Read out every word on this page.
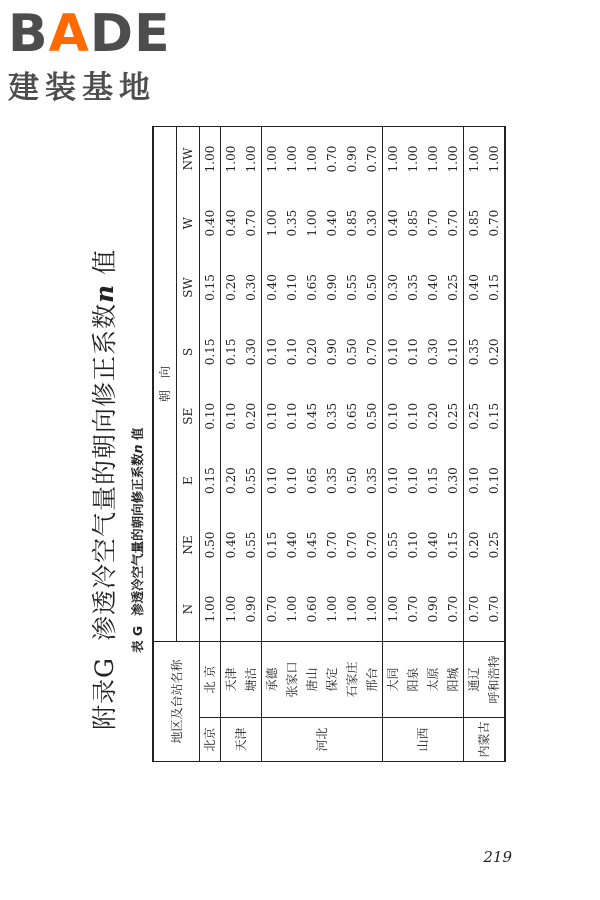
BADE
建装基地
附录G渗透冷空气量的朝向修正系数n 值
表 G渗透冷空气量的朝向修正系数n 值
地区及台站名称		朝　向							
		N	NE	E	SE	S	SW	W	NW
北京	北 京	1.00	0.50	0.15	0.10	0.15	0.15	0.40	1.00
天津	天津	1.00	0.40	0.20	0.10	0.15	0.20	0.40	1.00
	塘沽	0.90	0.55	0.55	0.20	0.30	0.30	0.70	1.00
河北	承德	0.70	0.15	0.10	0.10	0.10	0.40	1.00	1.00
	张家口	1.00	0.40	0.10	0.10	0.10	0.10	0.35	1.00
	唐山	0.60	0.45	0.65	0.45	0.20	0.65	1.00	1.00
	保定	1.00	0.70	0.35	0.35	0.90	0.90	0.40	0.70
	石家庄	1.00	0.70	0.50	0.65	0.50	0.55	0.85	0.90
	邢台	1.00	0.70	0.35	0.50	0.70	0.50	0.30	0.70
山西	大同	1.00	0.55	0.10	0.10	0.10	0.30	0.40	1.00
	阳泉	0.70	0.10	0.10	0.10	0.10	0.35	0.85	1.00
	太原	0.90	0.40	0.15	0.20	0.30	0.40	0.70	1.00
	阳城	0.70	0.15	0.30	0.25	0.10	0.25	0.70	1.00
内蒙古	通辽	0.70	0.20	0.10	0.25	0.35	0.40	0.85	1.00
	呼和浩特	0.70	0.25	0.10	0.15	0.20	0.15	0.70	1.00
219
